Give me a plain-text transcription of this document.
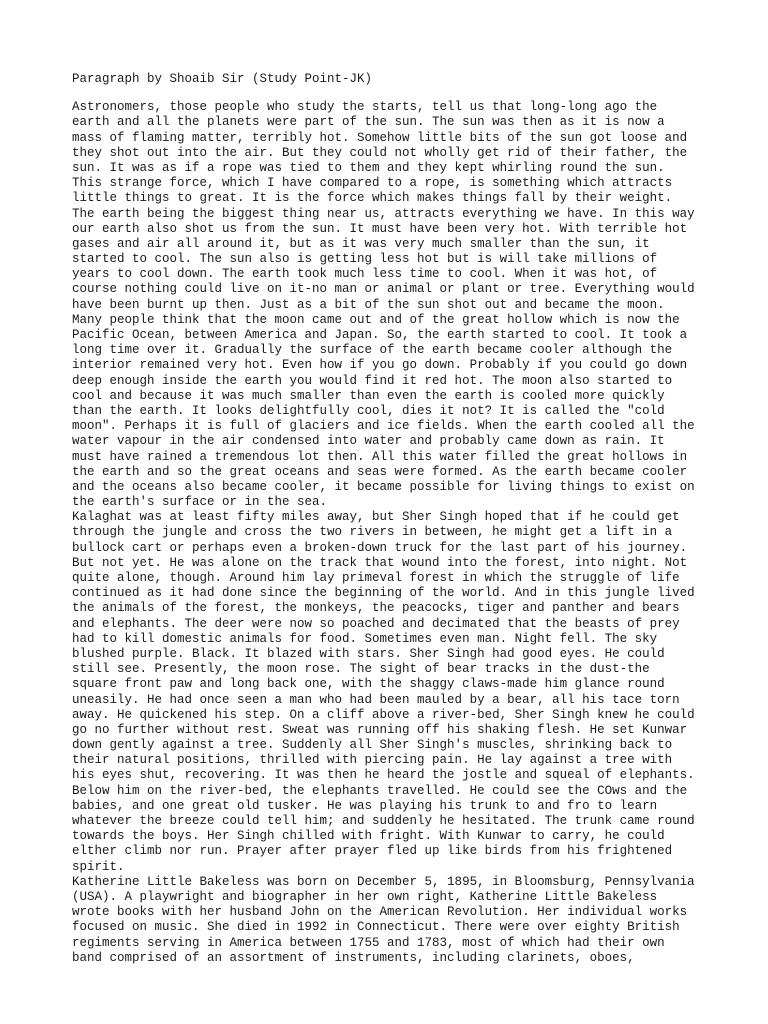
Paragraph by Shoaib Sir (Study Point-JK)
Astronomers, those people who study the starts, tell us that long-long ago the
earth and all the planets were part of the sun. The sun was then as it is now a
mass of flaming matter, terribly hot. Somehow little bits of the sun got loose and
they shot out into the air. But they could not wholly get rid of their father, the
sun. It was as if a rope was tied to them and they kept whirling round the sun.
This strange force, which I have compared to a rope, is something which attracts
little things to great. It is the force which makes things fall by their weight.
The earth being the biggest thing near us, attracts everything we have. In this way
our earth also shot us from the sun. It must have been very hot. With terrible hot
gases and air all around it, but as it was very much smaller than the sun, it
started to cool. The sun also is getting less hot but is will take millions of
years to cool down. The earth took much less time to cool. When it was hot, of
course nothing could live on it-no man or animal or plant or tree. Everything would
have been burnt up then. Just as a bit of the sun shot out and became the moon.
Many people think that the moon came out and of the great hollow which is now the
Pacific Ocean, between America and Japan. So, the earth started to cool. It took a
long time over it. Gradually the surface of the earth became cooler although the
interior remained very hot. Even how if you go down. Probably if you could go down
deep enough inside the earth you would find it red hot. The moon also started to
cool and because it was much smaller than even the earth is cooled more quickly
than the earth. It looks delightfully cool, dies it not? It is called the "cold
moon". Perhaps it is full of glaciers and ice fields. When the earth cooled all the
water vapour in the air condensed into water and probably came down as rain. It
must have rained a tremendous lot then. All this water filled the great hollows in
the earth and so the great oceans and seas were formed. As the earth became cooler
and the oceans also became cooler, it became possible for living things to exist on
the earth's surface or in the sea.
Kalaghat was at least fifty miles away, but Sher Singh hoped that if he could get
through the jungle and cross the two rivers in between, he might get a lift in a
bullock cart or perhaps even a broken-down truck for the last part of his journey.
But not yet. He was alone on the track that wound into the forest, into night. Not
quite alone, though. Around him lay primeval forest in which the struggle of life
continued as it had done since the beginning of the world. And in this jungle lived
the animals of the forest, the monkeys, the peacocks, tiger and panther and bears
and elephants. The deer were now so poached and decimated that the beasts of prey
had to kill domestic animals for food. Sometimes even man. Night fell. The sky
blushed purple. Black. It blazed with stars. Sher Singh had good eyes. He could
still see. Presently, the moon rose. The sight of bear tracks in the dust-the
square front paw and long back one, with the shaggy claws-made him glance round
uneasily. He had once seen a man who had been mauled by a bear, all his tace torn
away. He quickened his step. On a cliff above a river-bed, Sher Singh knew he could
go no further without rest. Sweat was running off his shaking flesh. He set Kunwar
down gently against a tree. Suddenly all Sher Singh's muscles, shrinking back to
their natural positions, thrilled with piercing pain. He lay against a tree with
his eyes shut, recovering. It was then he heard the jostle and squeal of elephants.
Below him on the river-bed, the elephants travelled. He could see the COws and the
babies, and one great old tusker. He was playing his trunk to and fro to learn
whatever the breeze could tell him; and suddenly he hesitated. The trunk came round
towards the boys. Her Singh chilled with fright. With Kunwar to carry, he could
elther climb nor run. Prayer after prayer fled up like birds from his frightened
spirit.
Katherine Little Bakeless was born on December 5, 1895, in Bloomsburg, Pennsylvania
(USA). A playwright and biographer in her own right, Katherine Little Bakeless
wrote books with her husband John on the American Revolution. Her individual works
focused on music. She died in 1992 in Connecticut. There were over eighty British
regiments serving in America between 1755 and 1783, most of which had their own
band comprised of an assortment of instruments, including clarinets, oboes,
